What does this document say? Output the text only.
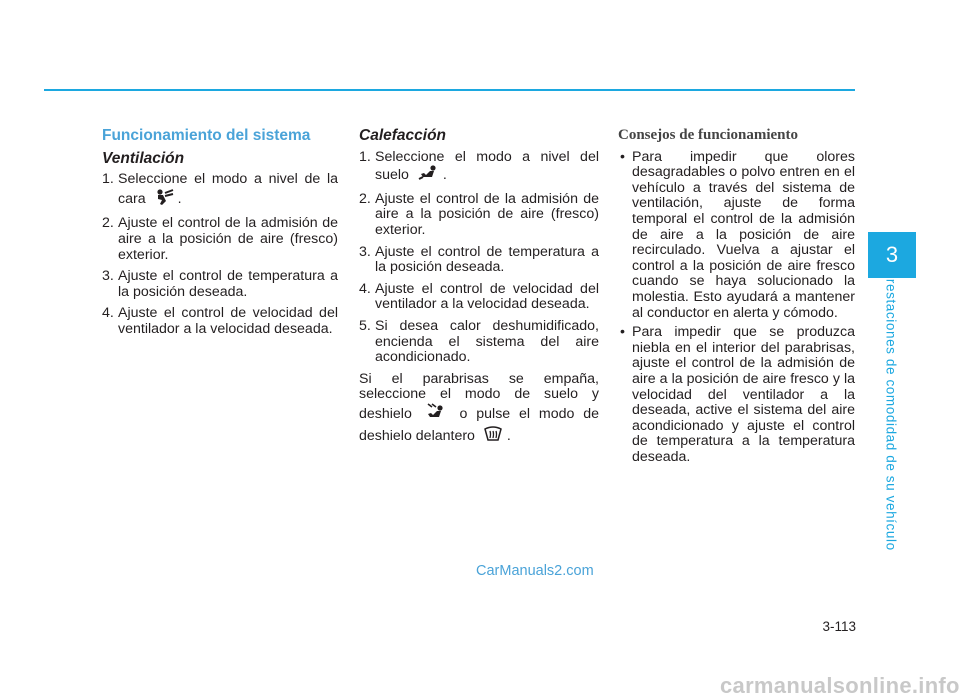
3
Prestaciones de comodidad de su vehículo
Funcionamiento del sistema
Ventilación
1. Seleccione el modo a nivel de la cara .
2. Ajuste el control de la admisión de aire a la posición de aire (fresco) exterior.
3. Ajuste el control de temperatura a la posición deseada.
4. Ajuste el control de velocidad del ventilador a la velocidad deseada.
Calefacción
1. Seleccione el modo a nivel del suelo .
2. Ajuste el control de la admisión de aire a la posición de aire (fresco) exterior.
3. Ajuste el control de temperatura a la posición deseada.
4. Ajuste el control de velocidad del ventilador a la velocidad deseada.
5. Si desea calor deshumidificado, encienda el sistema del aire acondicionado.

Si el parabrisas se empaña, seleccione el modo de suelo y deshielo	o pulse el modo de deshielo delantero .

Consejos de funcionamiento
• Para impedir que olores desagradables o polvo entren en el vehículo a través del sistema de ventilación, ajuste de forma temporal el control de la admisión de aire a la posición de aire recirculado. Vuelva a ajustar el control a la posición de aire fresco cuando se haya solucionado la molestia. Esto ayudará a mantener al conductor en alerta y cómodo.
• Para impedir que se produzca niebla en el interior del parabrisas, ajuste el control de la admisión de aire a la posición de aire fresco y la velocidad del ventilador a la deseada, active el sistema del aire acondicionado y ajuste el control de temperatura a la temperatura deseada.
CarManuals2.com
3-113
carmanualsonline.info
